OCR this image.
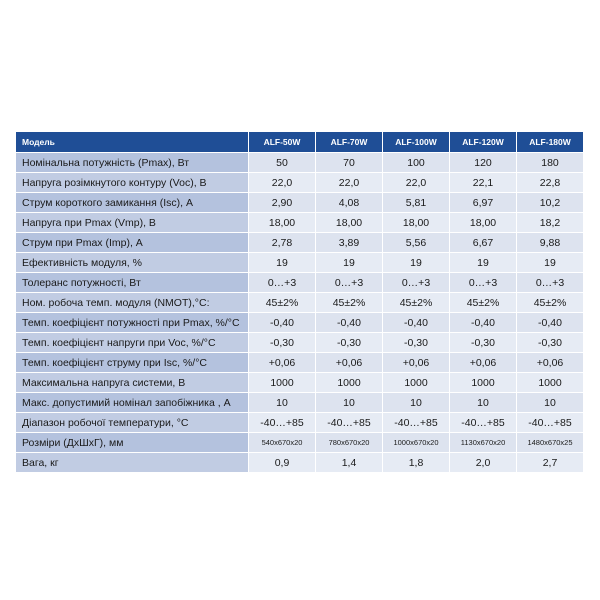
Модель	ALF-50W	ALF-70W	ALF-100W	ALF-120W	ALF-180W
Номінальна потужність (Pmax), Вт	50	70	100	120	180
Напруга розімкнутого контуру (Voc), В	22,0	22,0	22,0	22,1	22,8
Струм короткого замикання (Isc), А	2,90	4,08	5,81	6,97	10,2
Напруга при Pmax (Vmp), В	18,00	18,00	18,00	18,00	18,2
Струм при Pmax (Imp), А	2,78	3,89	5,56	6,67	9,88
Ефективність модуля, %	19	19	19	19	19
Толеранс потужності, Вт	0…+3	0…+3	0…+3	0…+3	0…+3
Ном. робоча темп. модуля (NMOT),°С:	45±2%	45±2%	45±2%	45±2%	45±2%
Темп. коефіцієнт потужності при Pmax, %/°С	-0,40	-0,40	-0,40	-0,40	-0,40
Темп. коефіцієнт напруги при Voc, %/°С	-0,30	-0,30	-0,30	-0,30	-0,30
Темп. коефіцієнт струму при Isc, %/°С	+0,06	+0,06	+0,06	+0,06	+0,06
Максимальна напруга системи, В	1000	1000	1000	1000	1000
Макс. допустимий номінал запобіжника , А	10	10	10	10	10
Діапазон робочої температури, °С	-40…+85	-40…+85	-40…+85	-40…+85	-40…+85
Розміри (ДхШхГ), мм	540x670x20	780x670x20	1000x670x20	1130x670x20	1480x670x25
Вага, кг	0,9	1,4	1,8	2,0	2,7
